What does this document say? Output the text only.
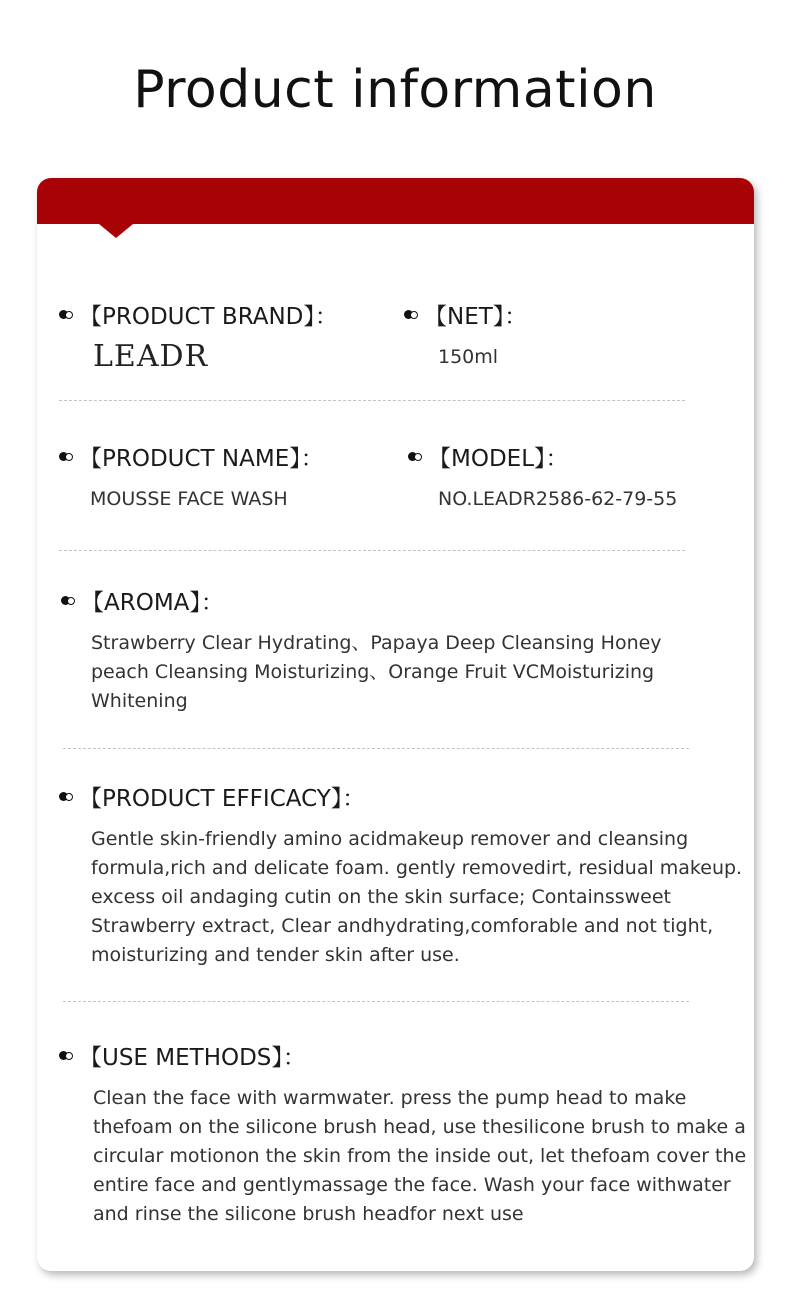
Product information
【PRODUCT BRAND】：
LEADR
【NET】：
150ml
【PRODUCT NAME】：
MOUSSE FACE WASH
【MODEL】：
NO.LEADR2586-62-79-55
【AROMA】：
Strawberry Clear Hydrating、Papaya Deep Cleansing Honey
peach Cleansing Moisturizing、Orange Fruit VCMoisturizing
Whitening
【PRODUCT EFFICACY】：
Gentle skin-friendly amino acidmakeup remover and cleansing
formula,rich and delicate foam. gently removedirt, residual makeup.
excess oil andaging cutin on the skin surface; Containssweet
Strawberry extract, Clear andhydrating,comforable and not tight,
moisturizing and tender skin after use.
【USE METHODS】：
Clean the face with warmwater. press the pump head to make
thefoam on the silicone brush head, use thesilicone brush to make a
circular motionon the skin from the inside out, let thefoam cover the
entire face and gentlymassage the face. Wash your face withwater
and rinse the silicone brush headfor next use
